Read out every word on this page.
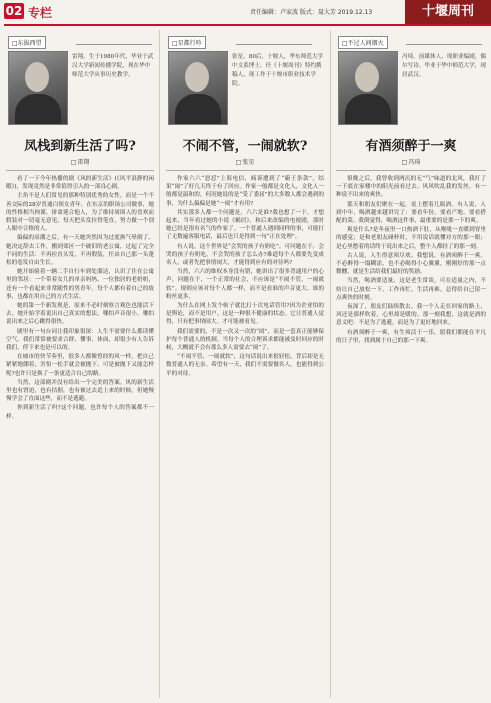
02 专栏	责任编辑：卢家波 版式：聂大芳 2019.12.13	十堰周刊
□东拔西望
雷翔，生于1980年代，毕业于武汉大学新闻传播学院，现在华中师范大学从事历史教学。
凤栈到新生活了吗?
□ 雷翔

看了一下今年热播的剧《风的新生活》(《风平浪静的闲暇》)，发现竟然是非常值得引入的一部良心剧。

主角不是人们常见的那种特别优秀的女性，而是一个不善交际的28岁普通白领女青年。在东京的职场公司做事，她的性格相当拘谨，拼命迎合他人，为了维持周围人的喜欢而假装对一切毫无意见，每天把头发拉得笔直，努力做一个别人眼中合格的人。

偏偏的高潮之后，有一天她突然因为过度换气晕倒了。她决定辞去工作，搬到郊区一个破旧的老公寓，过起了完全不同的生活：不再拉直头发，不再假装，任由自己那一头蓬松的卷发自由生长。

她开始骑着一辆二手自行车到处溜达，认识了住在公寓里的邻居：一个带着女儿的单亲妈妈、一位独居的老奶奶，还有一个看起来非常随性的男青年。每个人都有着自己的故事，也都在用自己的方式生活。

她的第一个新发现是，原来不必时刻察言观色也能活下去。她开始学着说出自己真实的想法，哪怕声音很小，哪怕说出来之后心跳得很快。

剧里有一句台词让我印象很深：人生不需要什么都读懂空气。我们常常被要求合群、懂事、体面，却很少有人告诉我们，停下来也是可以的。

在城市的快节奏里，很多人都像曾经的风一样，把自己紧紧地绷着，害怕一松手就会被抛下。可是被抛下又能怎样呢?也许只是换了一条更适合自己的路。

当然，这部剧并没有给出一个完美的答案。风的新生活里也有窘迫，也有拮据，也有被过去追上来的时候。但她慢慢学会了直面这些，而不是逃避。

你到新生活了吗?这个问题，也许每个人的答案都不一样。

□星都行吟
张星，80后，十堰人，华东师范大学中文系博士，任《十堰周刊》特约撰稿人，现工作于十堰市职业技术学院。
不闹不管，一闹就软?
□ 张星

作家六六“怒怼”上海电信，痛诉遭到了“霸王条款”，结果“闹”了好几天终于有了回应。作家一般都是文化人，文化人一般都是温和的，何况她说的是“受了委屈”的大多数人都会遇到的事，为什么偏偏是她“一闹”才有用?

其实那多人都一个问题是，六六是谁?我也想了一下，才想起来，当年看过她的小说《蜗居》，和后来改编的电视剧，那时她已经是很有名气的作家了。一个普通人遇到同样的事，可能打了无数遍客服电话，最后也只是得到一句“正在处理”。

有人说，这个世界是“会哭的孩子有奶吃”。可问题在于，会哭的孩子有奶吃，不会哭的孩子怎么办?难道每个人都要先变成名人，或者先把事情闹大，才能得到应有的对待吗?

当然，六六的维权本身没有错，她讲出了很多普通用户的心声。问题在于，一个正常的社会，不应该是“不闹不管，一闹就软”。规则应该对每个人都一样，而不是看谁的声音更大、谁的粉丝更多。

为什么在网上发个帖子就比打十次电话管用?因为企业怕的是舆论，而不是用户。这是一种很不健康的状态。它让普通人觉得，只有把事情闹大，才可能被看见。

我们需要的，不是一次又一次的“闹”，而是一套真正能够保护每个普通人的机制。当每个人的合理诉求都能被及时回应的时候，大概就不会有那么多人需要去“闹”了。

“不闹不管，一闹就软”，这句话说出来很轻松，背后却是无数普通人的无奈。希望有一天，我们不需要做名人，也能得到公平的对待。

□不过人间烟火
冯琦，前媒体人，现职业编剧，偶尔写诗。毕业于华中师范大学，现居武汉。
有酒须醉于一爽
□ 冯琦

很晚之后，我曾收到两沉的无“气”味道的北风，我打了一下底在家楼中的阳光前看过去。风风吹乱我的发丝，有一种说不出来的爽快。

那天和朋友们聚在一起，桌上摆着几瓶酒。有人说，人到中年，喝酒越来越讲究了：要看年份，要看产地，要看搭配的菜。我倒觉得，喝酒这件事，最重要的是那一下的爽。

爽是什么?是冬夜里一口热酒下肚，从喉咙一直暖到胃里的感觉；是和老朋友碰杯时，不用说话就懂对方的那一眼；是心里憋着的话终于说出来之后，整个人都轻了的那一刻。

古人说，人生得意须尽欢。我想说，有酒须醉于一爽。不必醉得一塌糊涂，也不必喝得小心翼翼，刚刚好的那一点微醺，就是生活给我们最好的奖励。

当然，喝酒要适量，这是老生常谈。可在适量之内，不妨让自己放松一下。工作再忙，生活再难，总得给自己留一点爽快的时刻。

夜深了，朋友们陆续散去。我一个人走在回家的路上，风还是那样吹着，心里却是暖的。那一刻我想，这就是酒的意义吧：不是为了逃避，而是为了更好地回来。

有酒须醉于一爽，有生须活于一乐。愿我们都能在平凡的日子里，找到属于自己的那一下爽。
